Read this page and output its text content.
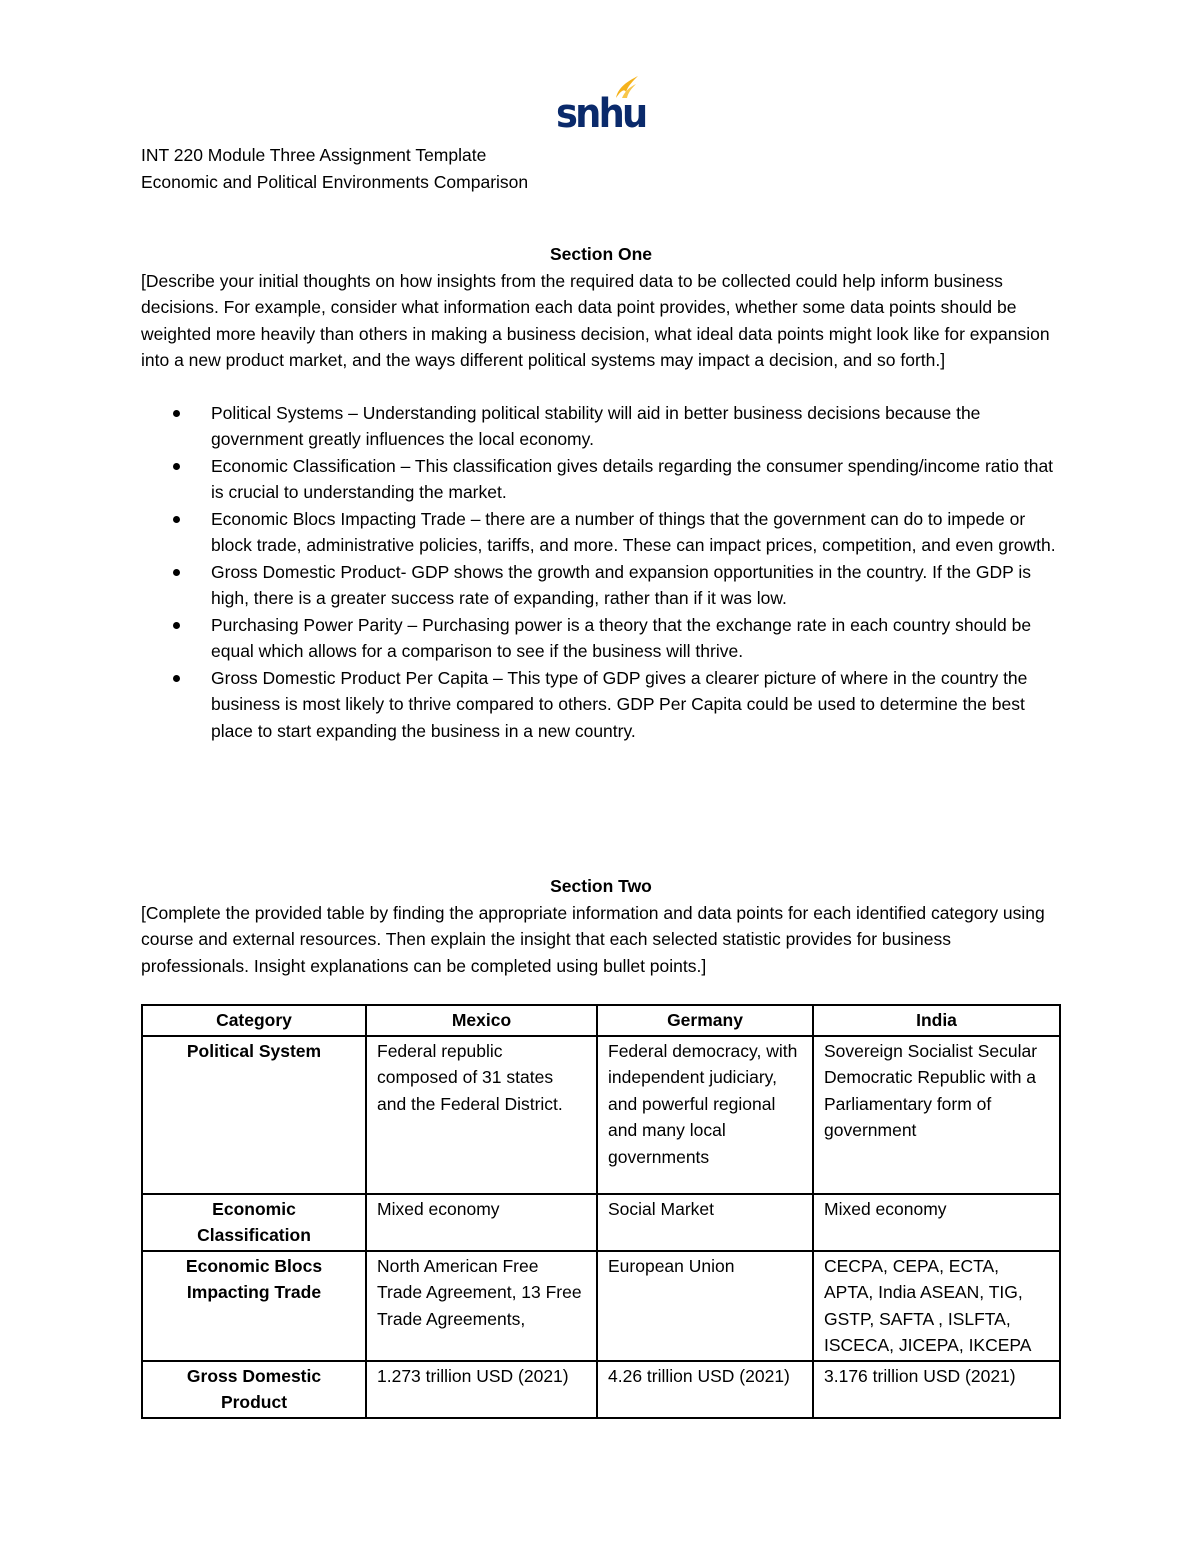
snhu
INT 220 Module Three Assignment Template
Economic and Political Environments Comparison
Section One

[Describe your initial thoughts on how insights from the required data to be collected could help inform business decisions. For example, consider what information each data point provides, whether some data points should be weighted more heavily than others in making a business decision, what ideal data points might look like for expansion into a new product market, and the ways different political systems may impact a decision, and so forth.]

Political Systems – Understanding political stability will aid in better business decisions because the government greatly influences the local economy.
Economic Classification – This classification gives details regarding the consumer spending/income ratio that is crucial to understanding the market.
Economic Blocs Impacting Trade – there are a number of things that the government can do to impede or block trade, administrative policies, tariffs, and more. These can impact prices, competition, and even growth.
Gross Domestic Product- GDP shows the growth and expansion opportunities in the country. If the GDP is high, there is a greater success rate of expanding, rather than if it was low.
Purchasing Power Parity – Purchasing power is a theory that the exchange rate in each country should be equal which allows for a comparison to see if the business will thrive.
Gross Domestic Product Per Capita – This type of GDP gives a clearer picture of where in the country the business is most likely to thrive compared to others. GDP Per Capita could be used to determine the best place to start expanding the business in a new country.
Section Two

[Complete the provided table by finding the appropriate information and data points for each identified category using course and external resources. Then explain the insight that each selected statistic provides for business professionals. Insight explanations can be completed using bullet points.]

Category	Mexico	Germany	India
Political System	Federal republic composed of 31 states and the Federal District.	Federal democracy, with independent judiciary, and powerful regional and many local governments	Sovereign Socialist Secular Democratic Republic with a Parliamentary form of government
Economic Classification	Mixed economy	Social Market	Mixed economy
Economic Blocs Impacting Trade	North American Free Trade Agreement, 13 Free Trade Agreements,	European Union	CECPA, CEPA, ECTA, APTA, India ASEAN, TIG, GSTP, SAFTA , ISLFTA, ISCECA, JICEPA, IKCEPA
Gross Domestic Product	1.273 trillion USD (2021)	4.26 trillion USD (2021)	3.176 trillion USD (2021)
